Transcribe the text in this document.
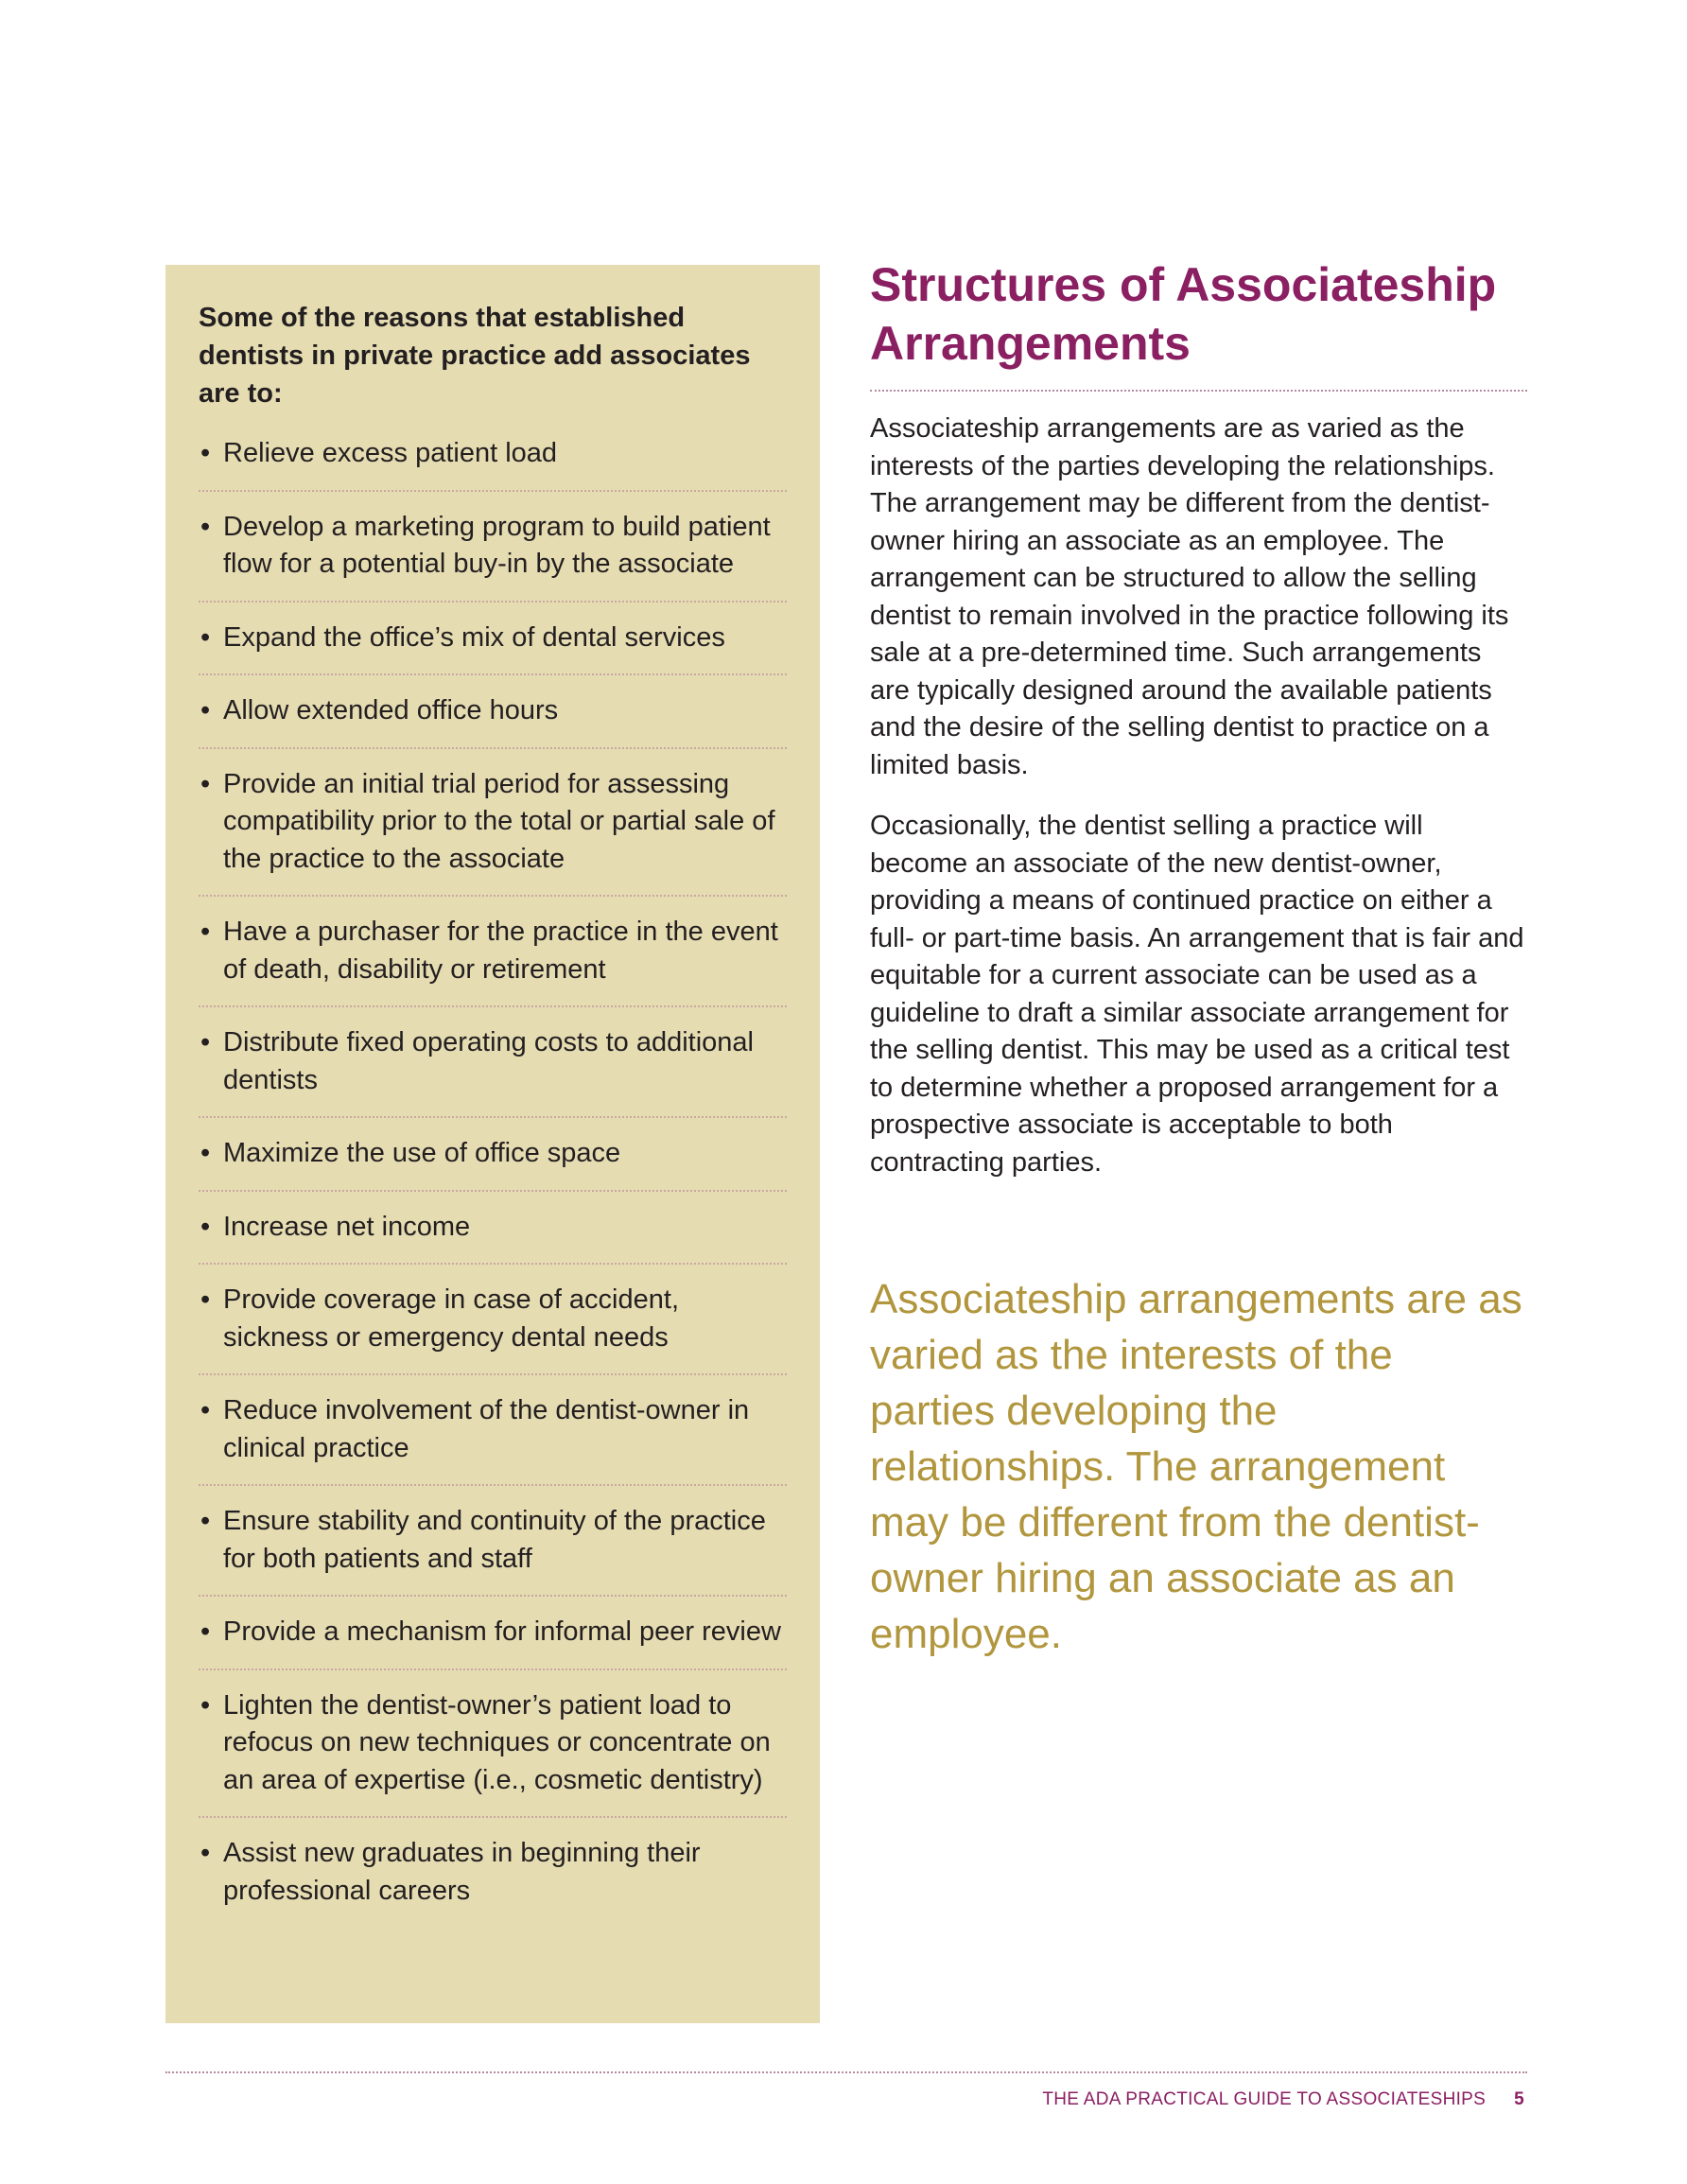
Some of the reasons that established dentists in private practice add associates are to:

• Relieve excess patient load
• Develop a marketing program to build patient flow for a potential buy-in by the associate
• Expand the office’s mix of dental services
• Allow extended office hours
• Provide an initial trial period for assessing compatibility prior to the total or partial sale of the practice to the associate
• Have a purchaser for the practice in the event of death, disability or retirement
• Distribute fixed operating costs to additional dentists
• Maximize the use of office space
• Increase net income
• Provide coverage in case of accident, sickness or emergency dental needs
• Reduce involvement of the dentist-owner in clinical practice
• Ensure stability and continuity of the practice for both patients and staff
• Provide a mechanism for informal peer review
• Lighten the dentist-owner’s patient load to refocus on new techniques or concentrate on an area of expertise (i.e., cosmetic dentistry)
• Assist new graduates in beginning their professional careers
Structures of Associateship Arrangements

Associateship arrangements are as varied as the interests of the parties developing the relationships. The arrangement may be different from the dentist-owner hiring an associate as an employee. The arrangement can be structured to allow the selling dentist to remain involved in the practice following its sale at a pre-determined time. Such arrangements are typically designed around the available patients and the desire of the selling dentist to practice on a limited basis.

Occasionally, the dentist selling a practice will become an associate of the new dentist-owner, providing a means of continued practice on either a full- or part-time basis. An arrangement that is fair and equitable for a current associate can be used as a guideline to draft a similar associate arrangement for the selling dentist. This may be used as a critical test to determine whether a proposed arrangement for a prospective associate is acceptable to both contracting parties.

Associateship arrangements are as varied as the interests of the parties developing the relationships. The arrangement may be different from the dentist-owner hiring an associate as an employee.

THE ADA PRACTICAL GUIDE TO ASSOCIATESHIPS 5
